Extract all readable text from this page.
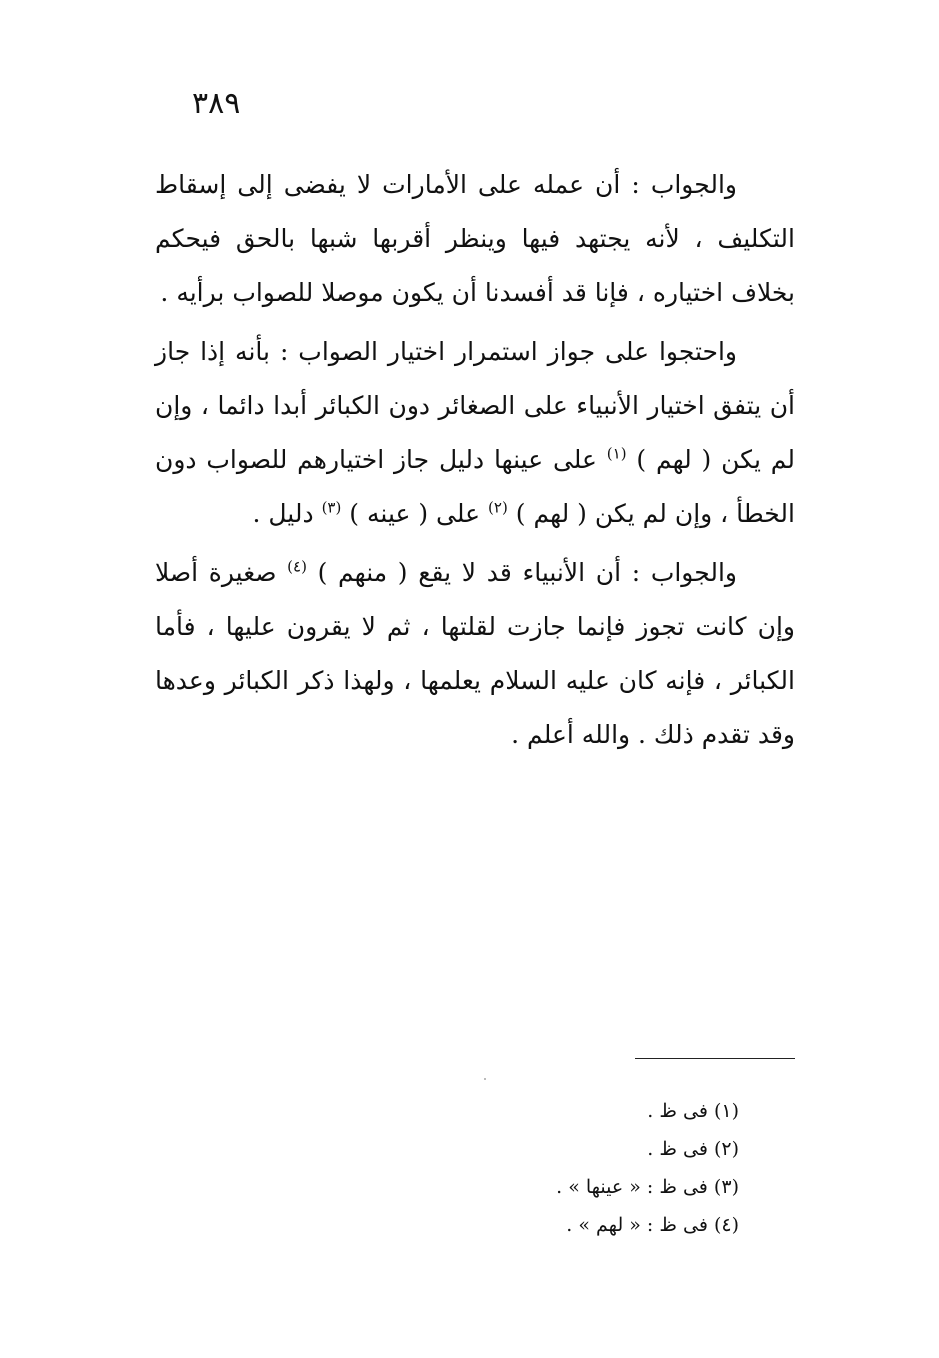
٣٨٩

والجواب : أن عمله على الأمارات لا يفضى إلى إسقاط التكليف ، لأنه يجتهد فيها وينظر أقربها شبها بالحق فيحكم بخلاف اختياره ، فإنا قد أفسدنا أن يكون موصلا للصواب برأيه .

واحتجوا على جواز استمرار اختيار الصواب : بأنه إذا جاز أن يتفق اختيار الأنبياء على الصغائر دون الكبائر أبدا دائما ، وإن لم يكن ( لهم ) $^{(١)}$ على عينها دليل جاز اختيارهم للصواب دون الخطأ ، وإن لم يكن ( لهم ) $^{(٢)}$ على ( عينه ) $^{(٣)}$ دليل .

والجواب : أن الأنبياء قد لا يقع ( منهم ) $^{(٤)}$ صغيرة أصلا وإن كانت تجوز فإنما جازت لقلتها ، ثم لا يقرون عليها ، فأما الكبائر ، فإنه كان عليه السلام يعلمها ، ولهذا ذكر الكبائر وعدها وقد تقدم ذلك . والله أعلم .

(١) فى ظ .
(٢) فى ظ .
(٣) فى ظ : « عينها » .
(٤) فى ظ : « لهم » .
